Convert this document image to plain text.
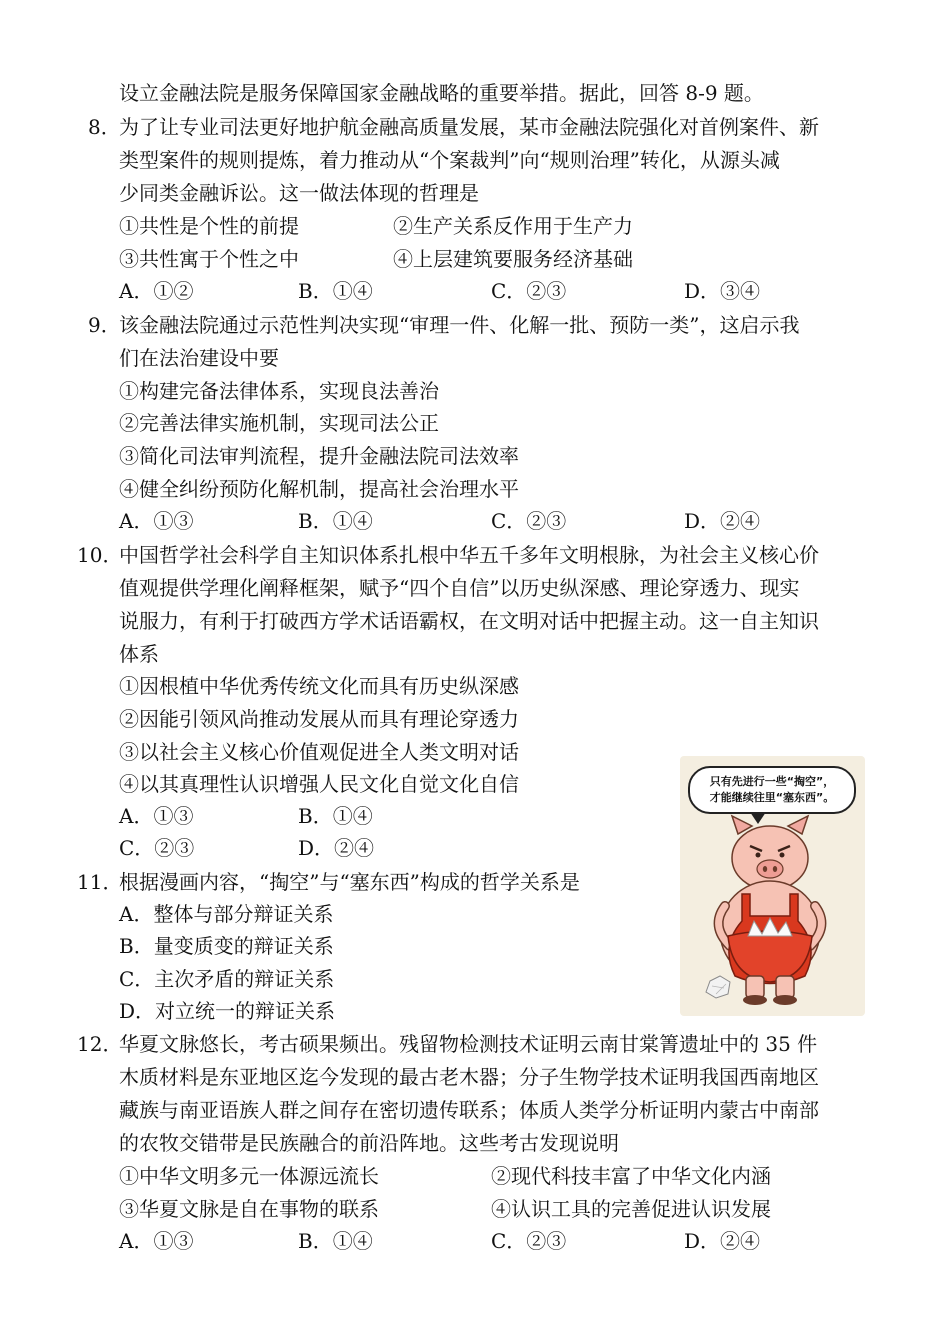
设立金融法院是服务保障国家金融战略的重要举措。据此，回答 8-9 题。
8．
为了让专业司法更好地护航金融高质量发展，某市金融法院强化对首例案件、新
类型案件的规则提炼，着力推动从“个案裁判”向“规则治理”转化，从源头减
少同类金融诉讼。这一做法体现的哲理是
①共性是个性的前提	②生产关系反作用于生产力
③共性寓于个性之中	④上层建筑要服务经济基础
A．①②	B．①④	C．②③	D．③④
9．
该金融法院通过示范性判决实现“审理一件、化解一批、预防一类”，这启示我
们在法治建设中要
①构建完备法律体系，实现良法善治
②完善法律实施机制，实现司法公正
③简化司法审判流程，提升金融法院司法效率
④健全纠纷预防化解机制，提高社会治理水平
A．①③	B．①④	C．②③	D．②④
10．
中国哲学社会科学自主知识体系扎根中华五千多年文明根脉，为社会主义核心价
值观提供学理化阐释框架，赋予“四个自信”以历史纵深感、理论穿透力、现实
说服力，有利于打破西方学术话语霸权，在文明对话中把握主动。这一自主知识
体系
①因根植中华优秀传统文化而具有历史纵深感
②因能引领风尚推动发展从而具有理论穿透力
③以社会主义核心价值观促进全人类文明对话
④以其真理性认识增强人民文化自觉文化自信
A．①③	B．①④
C．②③	D．②④
11．
根据漫画内容，“掏空”与“塞东西”构成的哲学关系是
A．整体与部分辩证关系
B．量变质变的辩证关系
C．主次矛盾的辩证关系
D．对立统一的辩证关系
只有先进行一些“掏空”，
才能继续往里“塞东西”。
12．
华夏文脉悠长，考古硕果频出。残留物检测技术证明云南甘棠箐遗址中的 35 件
木质材料是东亚地区迄今发现的最古老木器；分子生物学技术证明我国西南地区
藏族与南亚语族人群之间存在密切遗传联系；体质人类学分析证明内蒙古中南部
的农牧交错带是民族融合的前沿阵地。这些考古发现说明
①中华文明多元一体源远流长	②现代科技丰富了中华文化内涵
③华夏文脉是自在事物的联系	④认识工具的完善促进认识发展
A．①③	B．①④	C．②③	D．②④
